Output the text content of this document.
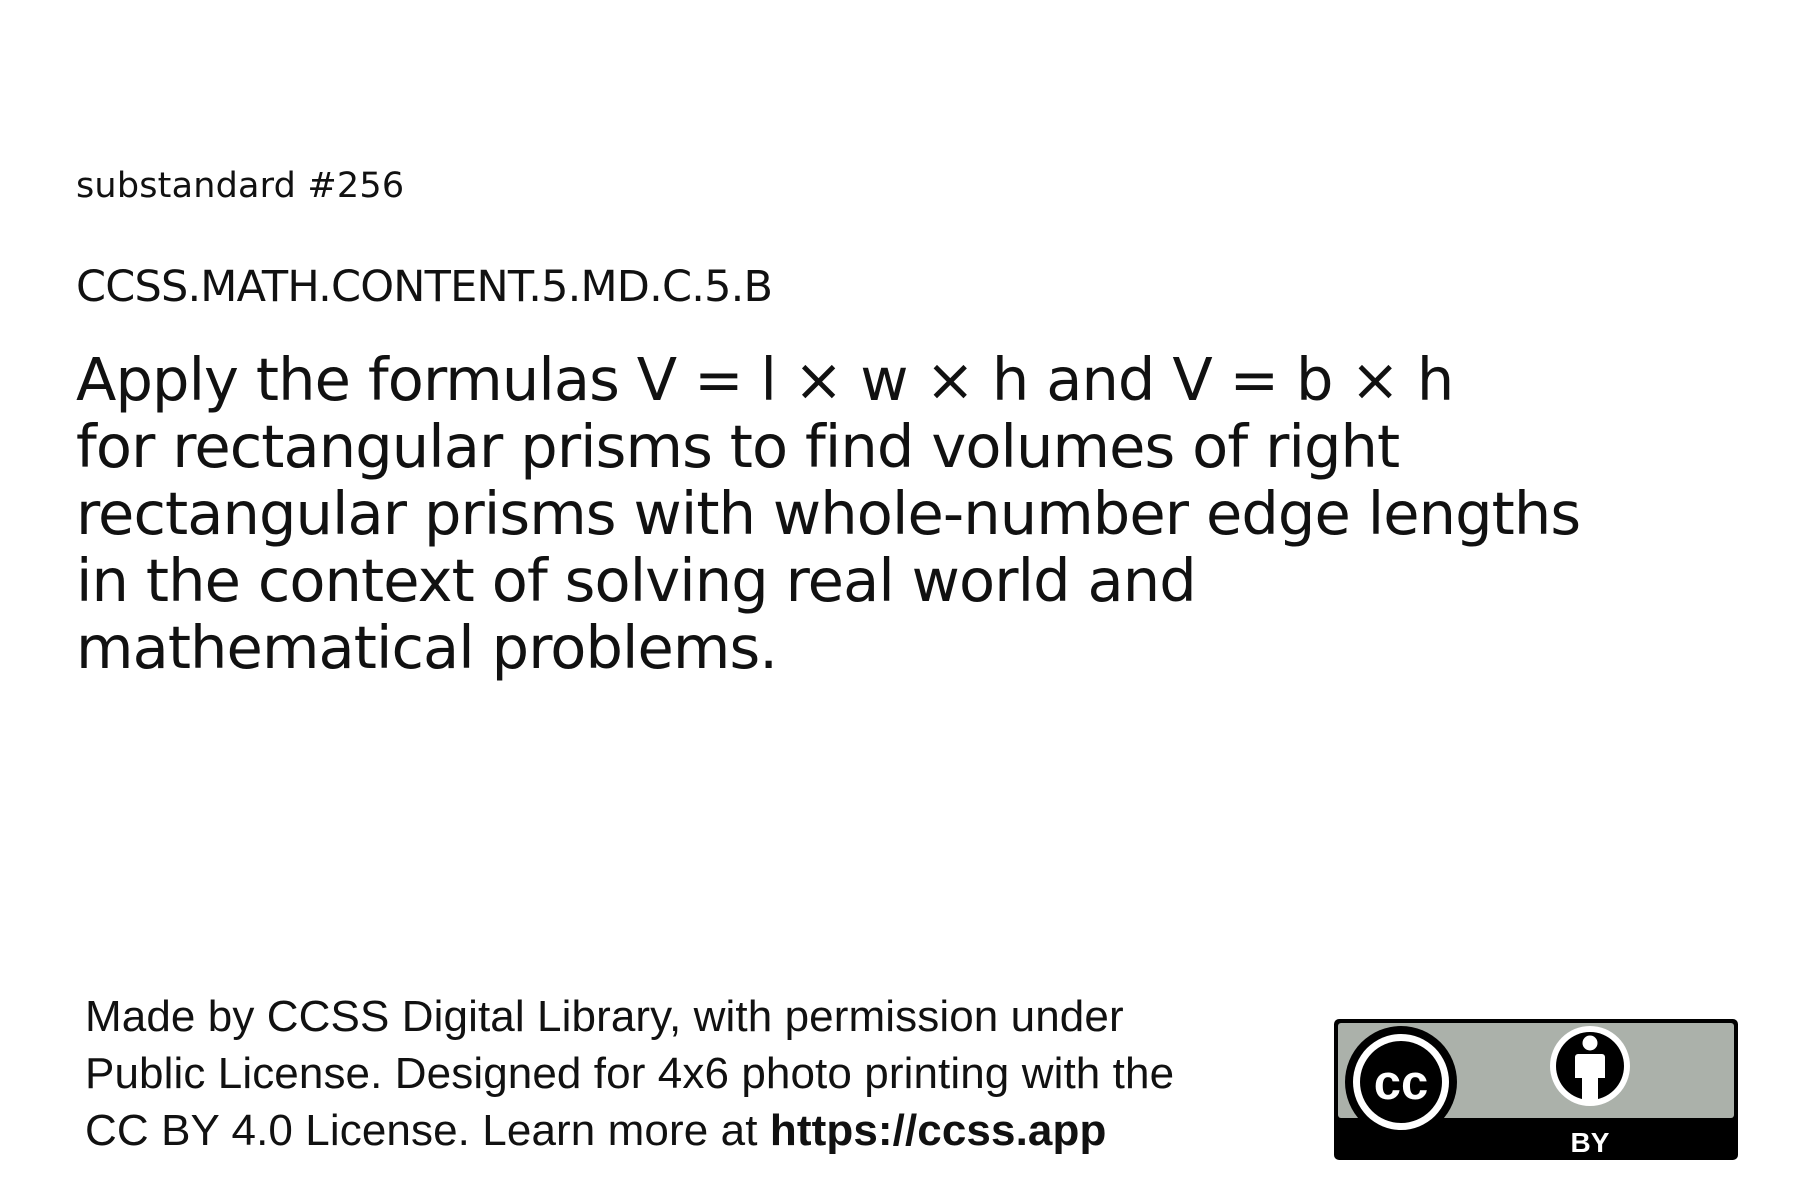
substandard #256
CCSS.MATH.CONTENT.5.MD.C.5.B
Apply the formulas V = l × w × h and V = b × h
for rectangular prisms to find volumes of right
rectangular prisms with whole-number edge lengths
in the context of solving real world and
mathematical problems.
Made by CCSS Digital Library, with permission under
Public License. Designed for 4x6 photo printing with the
CC BY 4.0 License. Learn more at https://ccss.app
cc
BY
